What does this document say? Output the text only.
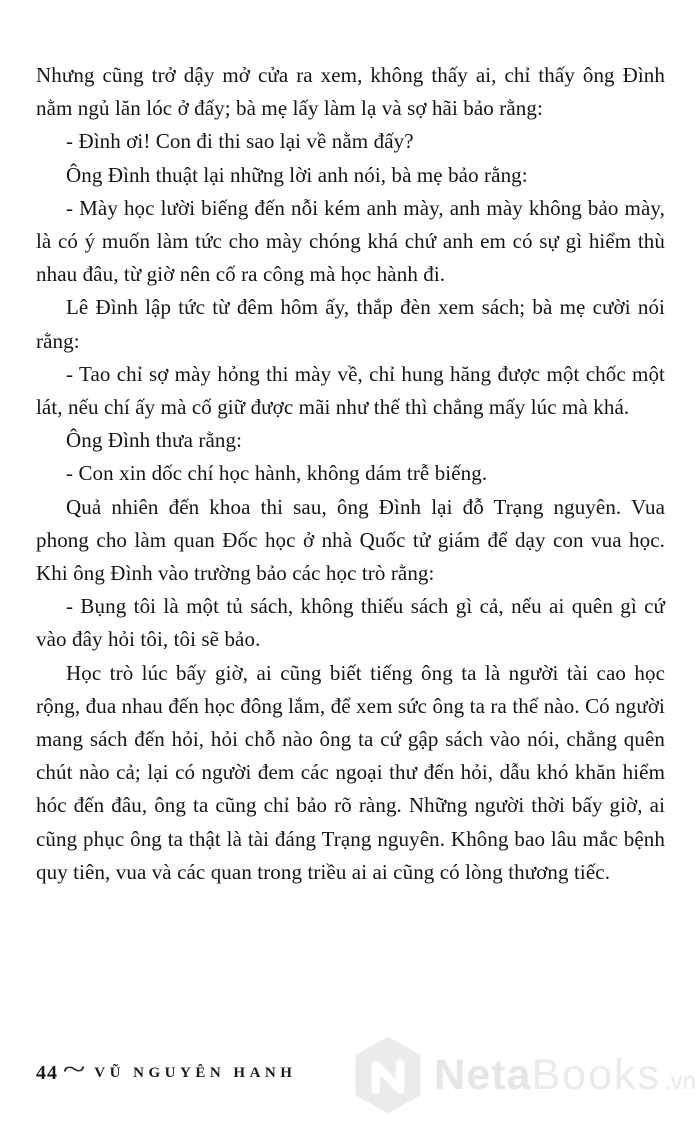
Nhưng cũng trở dậy mở cửa ra xem, không thấy ai, chỉ thấy ông Đình nằm ngủ lăn lóc ở đấy; bà mẹ lấy làm lạ và sợ hãi bảo rằng:

- Đình ơi! Con đi thi sao lại về nằm đấy?

Ông Đình thuật lại những lời anh nói, bà mẹ bảo rằng:

- Mày học lười biếng đến nỗi kém anh mày, anh mày không bảo mày, là có ý muốn làm tức cho mày chóng khá chứ anh em có sự gì hiểm thù nhau đâu, từ giờ nên cố ra công mà học hành đi.

Lê Đình lập tức từ đêm hôm ấy, thắp đèn xem sách; bà mẹ cười nói rằng:

- Tao chỉ sợ mày hỏng thi mày về, chỉ hung hăng được một chốc một lát, nếu chí ấy mà cố giữ được mãi như thế thì chẳng mấy lúc mà khá.

Ông Đình thưa rằng:

- Con xin dốc chí học hành, không dám trễ biếng.

Quả nhiên đến khoa thi sau, ông Đình lại đỗ Trạng nguyên. Vua phong cho làm quan Đốc học ở nhà Quốc tử giám để dạy con vua học. Khi ông Đình vào trường bảo các học trò rằng:

- Bụng tôi là một tủ sách, không thiếu sách gì cả, nếu ai quên gì cứ vào đây hỏi tôi, tôi sẽ bảo.

Học trò lúc bấy giờ, ai cũng biết tiếng ông ta là người tài cao học rộng, đua nhau đến học đông lắm, để xem sức ông ta ra thế nào. Có người mang sách đến hỏi, hỏi chỗ nào ông ta cứ gập sách vào nói, chẳng quên chút nào cả; lại có người đem các ngoại thư đến hỏi, dẫu khó khăn hiểm hóc đến đâu, ông ta cũng chỉ bảo rõ ràng. Những người thời bấy giờ, ai cũng phục ông ta thật là tài đáng Trạng nguyên. Không bao lâu mắc bệnh quy tiên, vua và các quan trong triều ai ai cũng có lòng thương tiếc.

44 ~ VŨ NGUYÊN HANH	Neta Books .vn
